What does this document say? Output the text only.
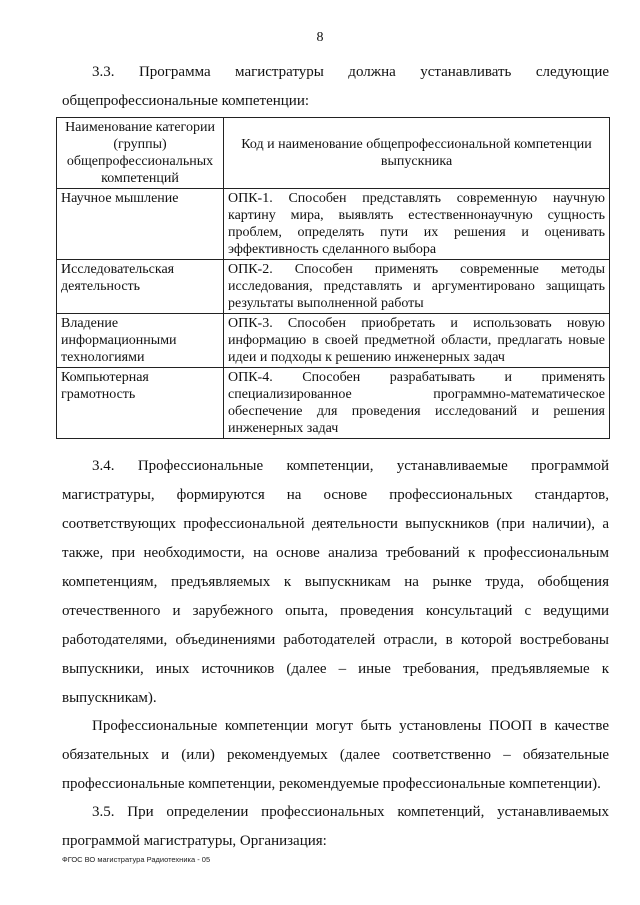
8
3.3. Программа магистратуры должна устанавливать следующие общепрофессиональные компетенции:
Наименование категории (группы) общепрофессиональных компетенций	Код и наименование общепрофессиональной компетенции выпускника
Научное мышление	ОПК-1. Способен представлять современную научную картину мира, выявлять естественнонаучную сущность проблем, определять пути их решения и оценивать эффективность сделанного выбора
Исследовательская деятельность	ОПК-2. Способен применять современные методы исследования, представлять и аргументировано защищать результаты выполненной работы
Владение информационными технологиями	ОПК-3. Способен приобретать и использовать новую информацию в своей предметной области, предлагать новые идеи и подходы к решению инженерных задач
Компьютерная грамотность	ОПК-4. Способен разрабатывать и применять специализированное программно-математическое обеспечение для проведения исследований и решения инженерных задач
3.4. Профессиональные компетенции, устанавливаемые программой магистратуры, формируются на основе профессиональных стандартов, соответствующих профессиональной деятельности выпускников (при наличии), а также, при необходимости, на основе анализа требований к профессиональным компетенциям, предъявляемых к выпускникам на рынке труда, обобщения отечественного и зарубежного опыта, проведения консультаций с ведущими работодателями, объединениями работодателей отрасли, в которой востребованы выпускники, иных источников (далее – иные требования, предъявляемые к выпускникам).
Профессиональные компетенции могут быть установлены ПООП в качестве обязательных и (или) рекомендуемых (далее соответственно – обязательные профессиональные компетенции, рекомендуемые профессиональные компетенции).
3.5. При определении профессиональных компетенций, устанавливаемых программой магистратуры, Организация:
ФГОС ВО магистратура Радиотехника - 05
